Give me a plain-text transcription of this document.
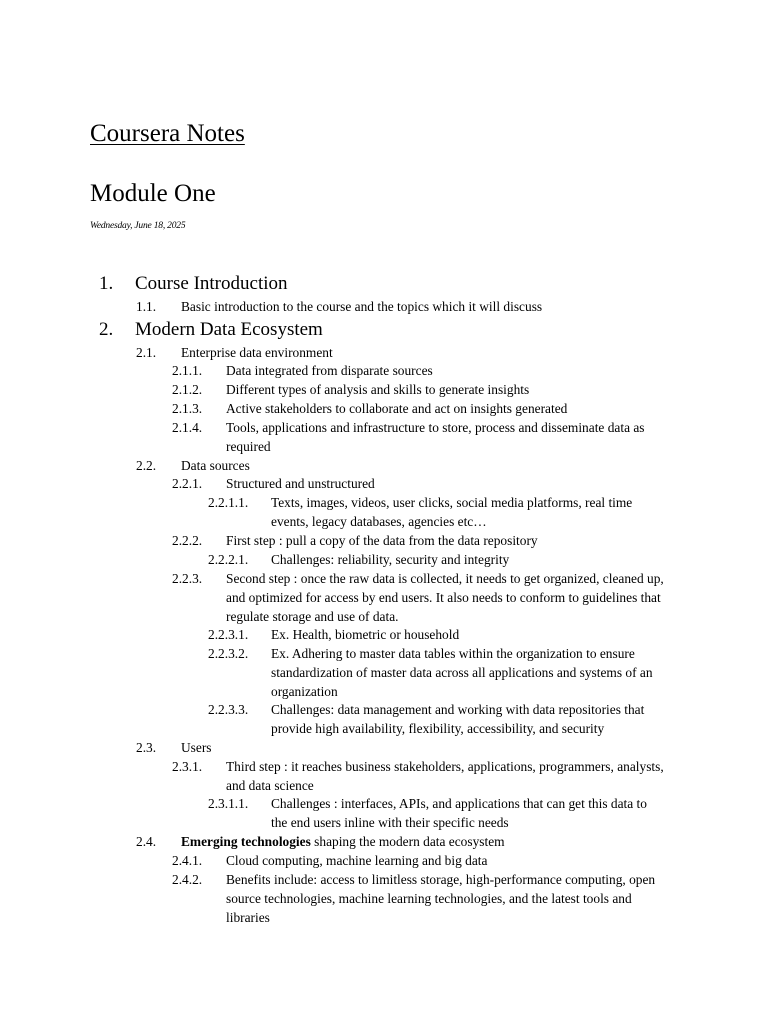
Coursera Notes
Module One
Wednesday, June 18, 2025
1. Course Introduction
1.1. Basic introduction to the course and the topics which it will discuss
2. Modern Data Ecosystem
2.1. Enterprise data environment
2.1.1. Data integrated from disparate sources
2.1.2. Different types of analysis and skills to generate insights
2.1.3. Active stakeholders to collaborate and act on insights generated
2.1.4. Tools, applications and infrastructure to store, process and disseminate data as
required
2.2. Data sources
2.2.1. Structured and unstructured
2.2.1.1. Texts, images, videos, user clicks, social media platforms, real time
events, legacy databases, agencies etc…
2.2.2. First step : pull a copy of the data from the data repository
2.2.2.1. Challenges: reliability, security and integrity
2.2.3. Second step : once the raw data is collected, it needs to get organized, cleaned up,
and optimized for access by end users. It also needs to conform to guidelines that
regulate storage and use of data.
2.2.3.1. Ex. Health, biometric or household
2.2.3.2. Ex. Adhering to master data tables within the organization to ensure
standardization of master data across all applications and systems of an
organization
2.2.3.3. Challenges: data management and working with data repositories that
provide high availability, flexibility, accessibility, and security
2.3. Users
2.3.1. Third step : it reaches business stakeholders, applications, programmers, analysts,
and data science
2.3.1.1. Challenges : interfaces, APIs, and applications that can get this data to
the end users inline with their specific needs
2.4. Emerging technologies shaping the modern data ecosystem
2.4.1. Cloud computing, machine learning and big data
2.4.2. Benefits include: access to limitless storage, high-performance computing, open
source technologies, machine learning technologies, and the latest tools and
libraries
